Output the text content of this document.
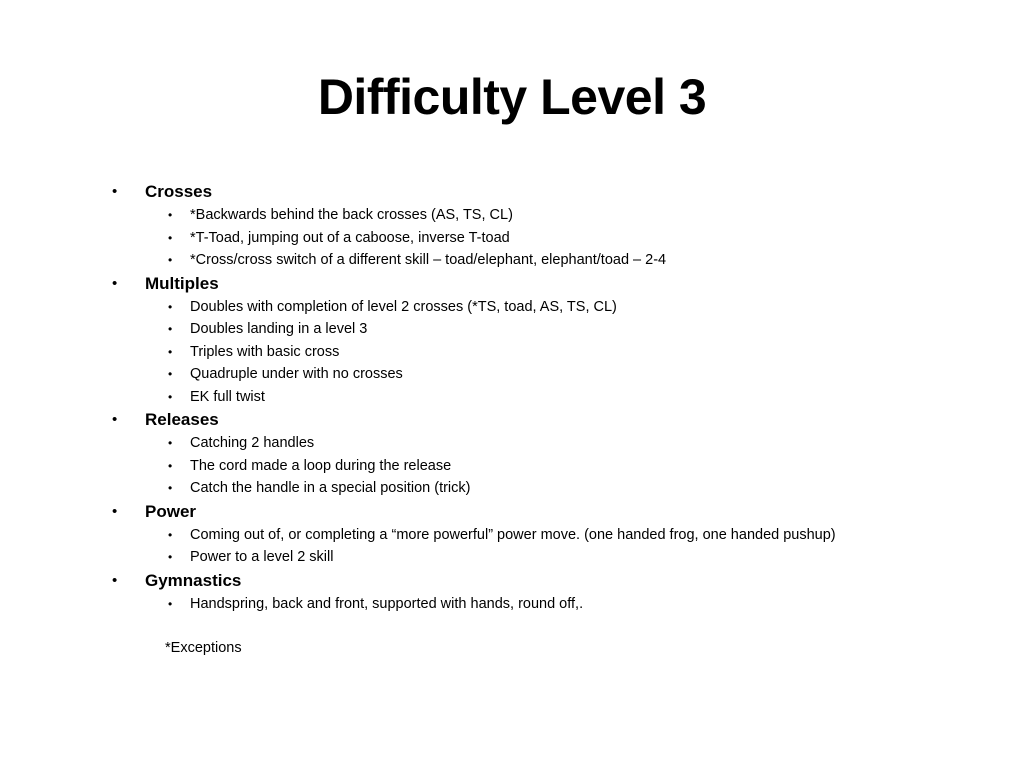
Difficulty Level 3
• Crosses
• *Backwards behind the back crosses (AS, TS, CL)
• *T-Toad, jumping out of a caboose, inverse T-toad
• *Cross/cross switch of a different skill – toad/elephant, elephant/toad – 2-4
• Multiples
• Doubles with completion of level 2 crosses (*TS, toad, AS, TS, CL)
• Doubles landing in a level 3
• Triples with basic cross
• Quadruple under with no crosses
• EK full twist
• Releases
• Catching 2 handles
• The cord made a loop during the release
• Catch the handle in a special position (trick)
• Power
• Coming out of, or completing a “more powerful” power move. (one handed frog, one handed pushup)
• Power to a level 2 skill
• Gymnastics
• Handspring, back and front, supported with hands, round off,.
*Exceptions
